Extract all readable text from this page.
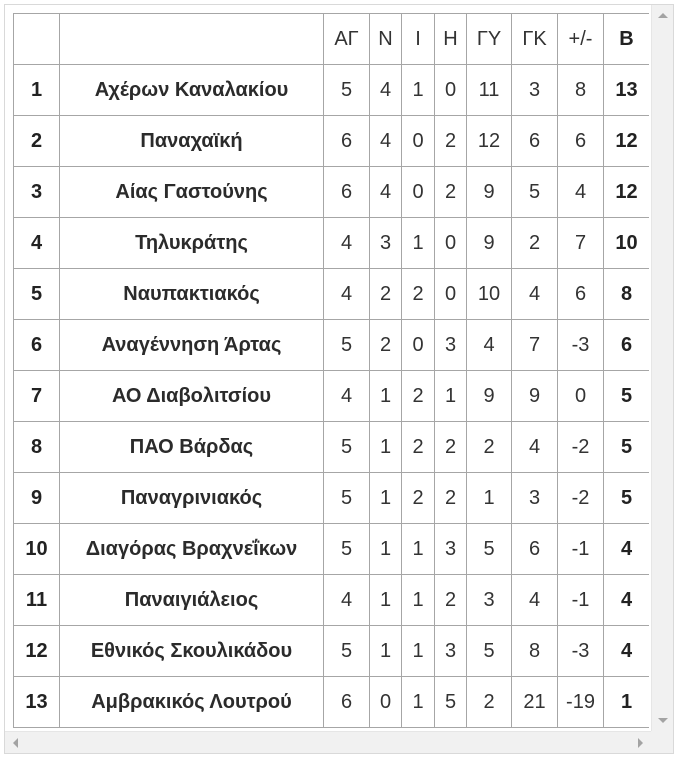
		ΑΓ	Ν	Ι	Η	ΓΥ	ΓΚ	+/-	Β
1	Αχέρων Καναλακίου	5	4	1	0	11	3	8	13
2	Παναχαϊκή	6	4	0	2	12	6	6	12
3	Αίας Γαστούνης	6	4	0	2	9	5	4	12
4	Τηλυκράτης	4	3	1	0	9	2	7	10
5	Ναυπακτιακός	4	2	2	0	10	4	6	8
6	Αναγέννηση Άρτας	5	2	0	3	4	7	-3	6
7	ΑΟ Διαβολιτσίου	4	1	2	1	9	9	0	5
8	ΠΑΟ Βάρδας	5	1	2	2	2	4	-2	5
9	Παναγρινιακός	5	1	2	2	1	3	-2	5
10	Διαγόρας Βραχνεΐκων	5	1	1	3	5	6	-1	4
11	Παναιγιάλειος	4	1	1	2	3	4	-1	4
12	Εθνικός Σκουλικάδου	5	1	1	3	5	8	-3	4
13	Αμβρακικός Λουτρού	6	0	1	5	2	21	-19	1
